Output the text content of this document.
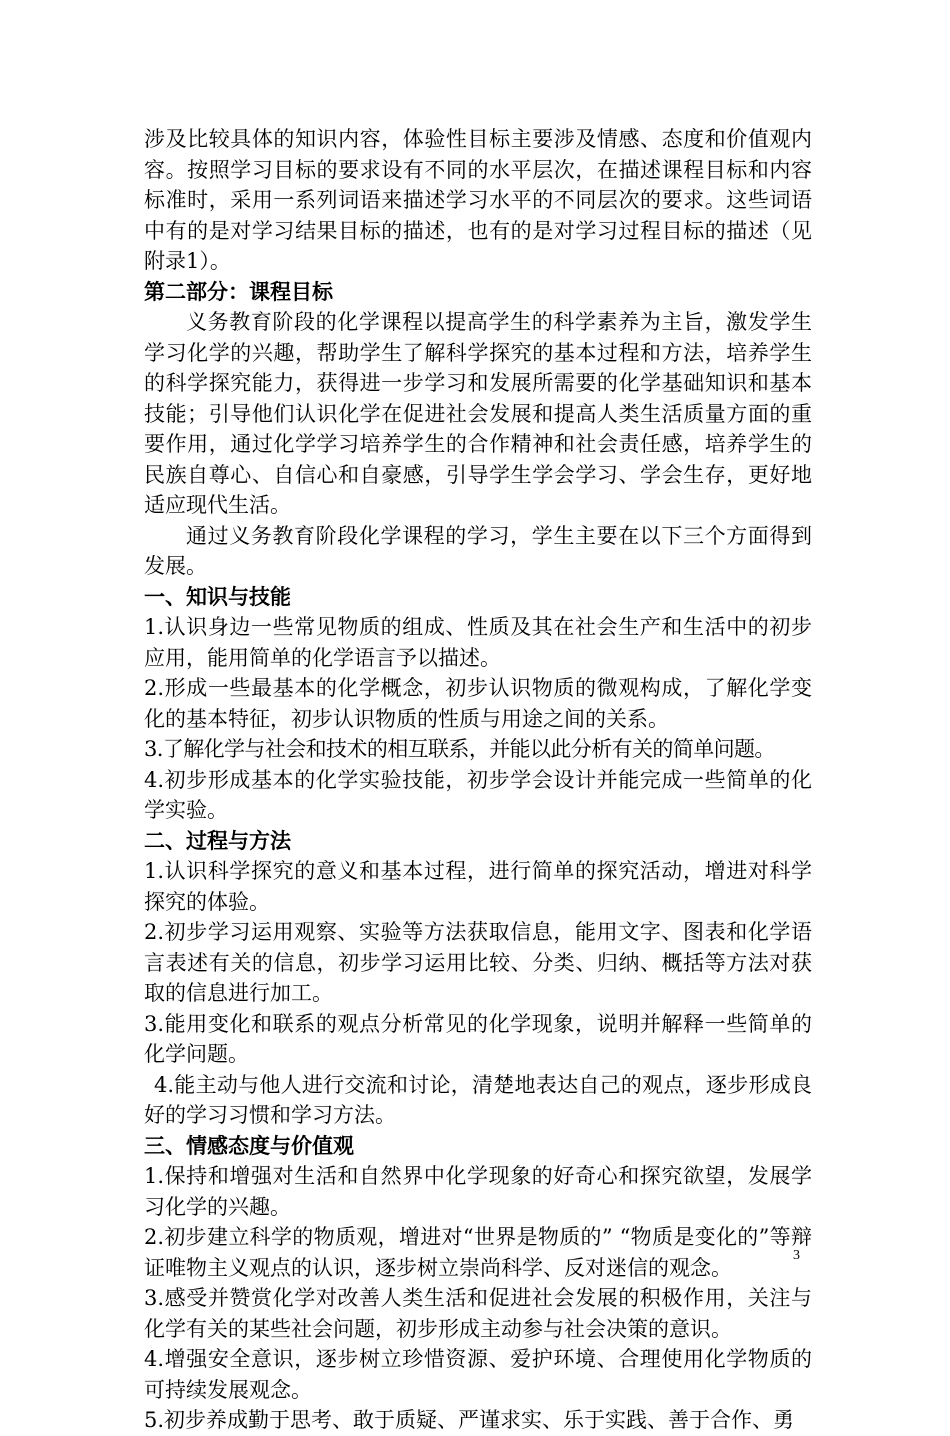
涉及比较具体的知识内容，体验性目标主要涉及情感、态度和价值观内容。按照学习目标的要求设有不同的水平层次，在描述课程目标和内容标准时，采用一系列词语来描述学习水平的不同层次的要求。这些词语中有的是对学习结果目标的描述，也有的是对学习过程目标的描述（见附录1）。

第二部分：课程目标

义务教育阶段的化学课程以提高学生的科学素养为主旨，激发学生学习化学的兴趣，帮助学生了解科学探究的基本过程和方法，培养学生的科学探究能力，获得进一步学习和发展所需要的化学基础知识和基本技能；引导他们认识化学在促进社会发展和提高人类生活质量方面的重要作用，通过化学学习培养学生的合作精神和社会责任感，培养学生的民族自尊心、自信心和自豪感，引导学生学会学习、学会生存，更好地适应现代生活。

通过义务教育阶段化学课程的学习，学生主要在以下三个方面得到发展。

一、知识与技能

1.认识身边一些常见物质的组成、性质及其在社会生产和生活中的初步应用，能用简单的化学语言予以描述。

2.形成一些最基本的化学概念，初步认识物质的微观构成，了解化学变化的基本特征，初步认识物质的性质与用途之间的关系。

3.了解化学与社会和技术的相互联系，并能以此分析有关的简单问题。

4.初步形成基本的化学实验技能，初步学会设计并能完成一些简单的化学实验。

二、过程与方法

1.认识科学探究的意义和基本过程，进行简单的探究活动，增进对科学探究的体验。

2.初步学习运用观察、实验等方法获取信息，能用文字、图表和化学语言表述有关的信息，初步学习运用比较、分类、归纳、概括等方法对获取的信息进行加工。

3.能用变化和联系的观点分析常见的化学现象，说明并解释一些简单的化学问题。

4.能主动与他人进行交流和讨论，清楚地表达自己的观点，逐步形成良好的学习习惯和学习方法。

三、情感态度与价值观

1.保持和增强对生活和自然界中化学现象的好奇心和探究欲望，发展学习化学的兴趣。

2.初步建立科学的物质观，增进对“世界是物质的” “物质是变化的”等辩证唯物主义观点的认识，逐步树立崇尚科学、反对迷信的观念。

3.感受并赞赏化学对改善人类生活和促进社会发展的积极作用，关注与化学有关的某些社会问题，初步形成主动参与社会决策的意识。

4.增强安全意识，逐步树立珍惜资源、爱护环境、合理使用化学物质的可持续发展观念。

5.初步养成勤于思考、敢于质疑、严谨求实、乐于实践、善于合作、勇

3
